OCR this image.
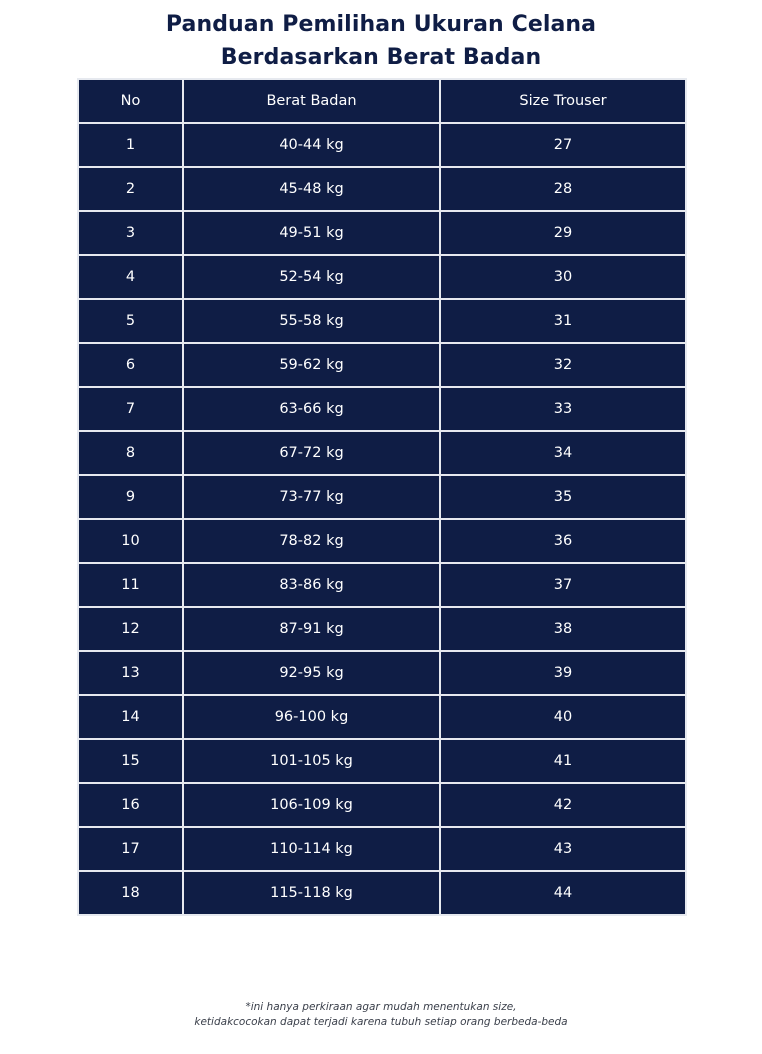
Panduan Pemilihan Ukuran Celana
Berdasarkan Berat Badan
No	Berat Badan	Size Trouser
1	40-44 kg	27
2	45-48 kg	28
3	49-51 kg	29
4	52-54 kg	30
5	55-58 kg	31
6	59-62 kg	32
7	63-66 kg	33
8	67-72 kg	34
9	73-77 kg	35
10	78-82 kg	36
11	83-86 kg	37
12	87-91 kg	38
13	92-95 kg	39
14	96-100 kg	40
15	101-105 kg	41
16	106-109 kg	42
17	110-114 kg	43
18	115-118 kg	44
*ini hanya perkiraan agar mudah menentukan size,
ketidakcocokan dapat terjadi karena tubuh setiap orang berbeda-beda
